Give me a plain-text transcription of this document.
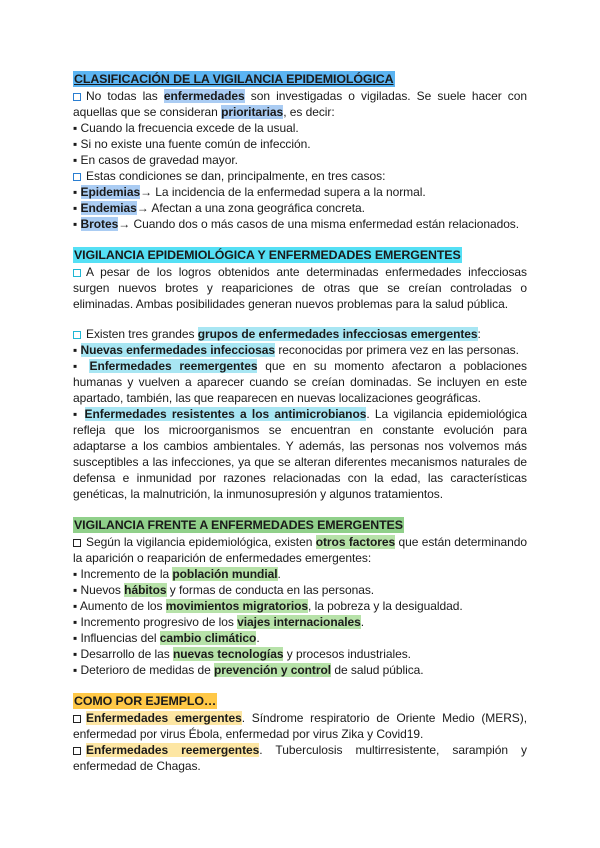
CLASIFICACIÓN DE LA VIGILANCIA EPIDEMIOLÓGICA

No todas las enfermedades son investigadas o vigiladas. Se suele hacer con aquellas que se consideran prioritarias, es decir:

▪ Cuando la frecuencia excede de la usual.

▪ Si no existe una fuente común de infección.

▪ En casos de gravedad mayor.

Estas condiciones se dan, principalmente, en tres casos:

▪ Epidemias→ La incidencia de la enfermedad supera a la normal.

▪ Endemias→ Afectan a una zona geográfica concreta.

▪ Brotes→ Cuando dos o más casos de una misma enfermedad están relacionados.

VIGILANCIA EPIDEMIOLÓGICA Y ENFERMEDADES EMERGENTES

A pesar de los logros obtenidos ante determinadas enfermedades infecciosas surgen nuevos brotes y reapariciones de otras que se creían controladas o eliminadas. Ambas posibilidades generan nuevos problemas para la salud pública.

Existen tres grandes grupos de enfermedades infecciosas emergentes:

▪ Nuevas enfermedades infecciosas reconocidas por primera vez en las personas.

▪ Enfermedades reemergentes que en su momento afectaron a poblaciones humanas y vuelven a aparecer cuando se creían dominadas. Se incluyen en este apartado, también, las que reaparecen en nuevas localizaciones geográficas.

▪ Enfermedades resistentes a los antimicrobianos. La vigilancia epidemiológica refleja que los microorganismos se encuentran en constante evolución para adaptarse a los cambios ambientales. Y además, las personas nos volvemos más susceptibles a las infecciones, ya que se alteran diferentes mecanismos naturales de defensa e inmunidad por razones relacionadas con la edad, las características genéticas, la malnutrición, la inmunosupresión y algunos tratamientos.

VIGILANCIA FRENTE A ENFERMEDADES EMERGENTES

Según la vigilancia epidemiológica, existen otros factores que están determinando la aparición o reaparición de enfermedades emergentes:

▪ Incremento de la población mundial.

▪ Nuevos hábitos y formas de conducta en las personas.

▪ Aumento de los movimientos migratorios, la pobreza y la desigualdad.

▪ Incremento progresivo de los viajes internacionales.

▪ Influencias del cambio climático.

▪ Desarrollo de las nuevas tecnologías y procesos industriales.

▪ Deterioro de medidas de prevención y control de salud pública.

COMO POR EJEMPLO…

Enfermedades emergentes. Síndrome respiratorio de Oriente Medio (MERS), enfermedad por virus Ébola, enfermedad por virus Zika y Covid19.

Enfermedades reemergentes. Tuberculosis multirresistente, sarampión y enfermedad de Chagas.
